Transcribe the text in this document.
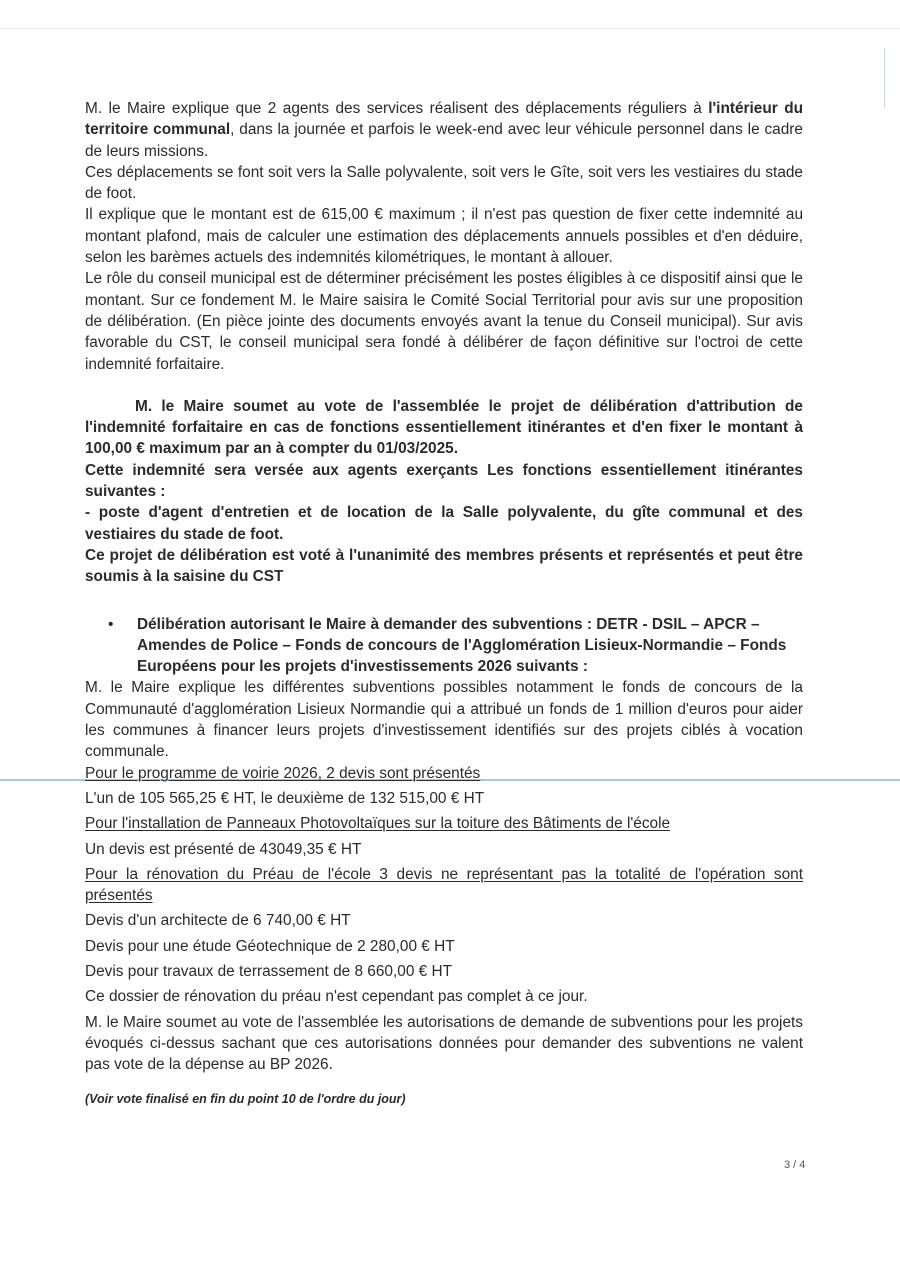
M. le Maire explique que 2 agents des services réalisent des déplacements réguliers à l'intérieur du territoire communal, dans la journée et parfois le week-end avec leur véhicule personnel dans le cadre de leurs missions.

Ces déplacements se font soit vers la Salle polyvalente, soit vers le Gîte, soit vers les vestiaires du stade de foot.

Il explique que le montant est de 615,00 € maximum ; il n'est pas question de fixer cette indemnité au montant plafond, mais de calculer une estimation des déplacements annuels possibles et d'en déduire, selon les barèmes actuels des indemnités kilométriques, le montant à allouer.

Le rôle du conseil municipal est de déterminer précisément les postes éligibles à ce dispositif ainsi que le montant. Sur ce fondement M. le Maire saisira le Comité Social Territorial pour avis sur une proposition de délibération. (En pièce jointe des documents envoyés avant la tenue du Conseil municipal). Sur avis favorable du CST, le conseil municipal sera fondé à délibérer de façon définitive sur l'octroi de cette indemnité forfaitaire.

M. le Maire soumet au vote de l'assemblée le projet de délibération d'attribution de l'indemnité forfaitaire en cas de fonctions essentiellement itinérantes et d'en fixer le montant à 100,00 € maximum par an à compter du 01/03/2025.

Cette indemnité sera versée aux agents exerçants Les fonctions essentiellement itinérantes suivantes :

- poste d'agent d'entretien et de location de la Salle polyvalente, du gîte communal et des vestiaires du stade de foot.

Ce projet de délibération est voté à l'unanimité des membres présents et représentés et peut être soumis à la saisine du CST

•	Délibération autorisant le Maire à demander des subventions : DETR - DSIL – APCR – Amendes de Police – Fonds de concours de l'Agglomération Lisieux-Normandie – Fonds Européens pour les projets d'investissements 2026 suivants :

M. le Maire explique les différentes subventions possibles notamment le fonds de concours de la Communauté d'agglomération Lisieux Normandie qui a attribué un fonds de 1 million d'euros pour aider les communes à financer leurs projets d'investissement identifiés sur des projets ciblés à vocation communale.

Pour le programme de voirie 2026, 2 devis sont présentés

L'un de 105 565,25 € HT, le deuxième de 132 515,00 € HT

Pour l'installation de Panneaux Photovoltaïques sur la toiture des Bâtiments de l'école

Un devis est présenté de 43049,35 € HT

Pour la rénovation du Préau de l'école 3 devis ne représentant pas la totalité de l'opération sont présentés

Devis d'un architecte de 6 740,00 € HT

Devis pour une étude Géotechnique de 2 280,00 € HT

Devis pour travaux de terrassement de 8 660,00 € HT

Ce dossier de rénovation du préau n'est cependant pas complet à ce jour.

M. le Maire soumet au vote de l'assemblée les autorisations de demande de subventions pour les projets évoqués ci-dessus sachant que ces autorisations données pour demander des subventions ne valent pas vote de la dépense au BP 2026.

(Voir vote finalisé en fin du point 10 de l'ordre du jour)

3 / 4
